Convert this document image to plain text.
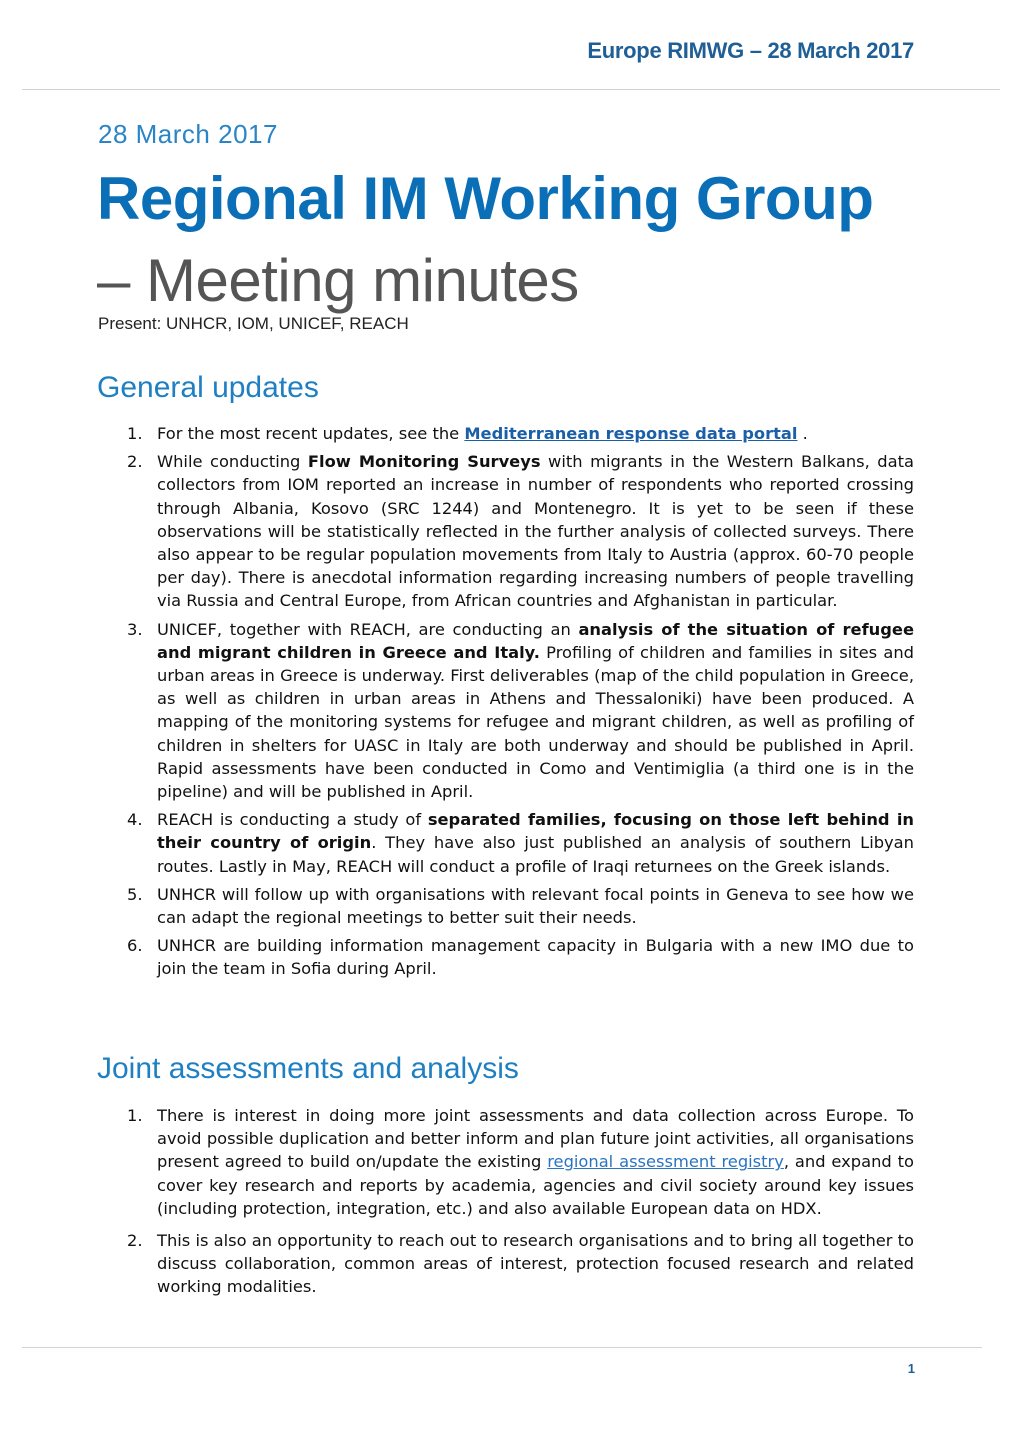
Europe RIMWG – 28 March 2017
28 March 2017
Regional IM Working Group
– Meeting minutes
Present: UNHCR, IOM, UNICEF, REACH
General updates
1. For the most recent updates, see the Mediterranean response data portal .
2. While conducting Flow Monitoring Surveys with migrants in the Western Balkans, data collectors from IOM reported an increase in number of respondents who reported crossing through Albania, Kosovo (SRC 1244) and Montenegro. It is yet to be seen if these observations will be statistically reflected in the further analysis of collected surveys. There also appear to be regular population movements from Italy to Austria (approx. 60-70 people per day). There is anecdotal information regarding increasing numbers of people travelling via Russia and Central Europe, from African countries and Afghanistan in particular.
3. UNICEF, together with REACH, are conducting an analysis of the situation of refugee and migrant children in Greece and Italy. Profiling of children and families in sites and urban areas in Greece is underway. First deliverables (map of the child population in Greece, as well as children in urban areas in Athens and Thessaloniki) have been produced. A mapping of the monitoring systems for refugee and migrant children, as well as profiling of children in shelters for UASC in Italy are both underway and should be published in April. Rapid assessments have been conducted in Como and Ventimiglia (a third one is in the pipeline) and will be published in April.
4. REACH is conducting a study of separated families, focusing on those left behind in their country of origin. They have also just published an analysis of southern Libyan routes. Lastly in May, REACH will conduct a profile of Iraqi returnees on the Greek islands.
5. UNHCR will follow up with organisations with relevant focal points in Geneva to see how we can adapt the regional meetings to better suit their needs.
6. UNHCR are building information management capacity in Bulgaria with a new IMO due to join the team in Sofia during April.
Joint assessments and analysis
1. There is interest in doing more joint assessments and data collection across Europe. To avoid possible duplication and better inform and plan future joint activities, all organisations present agreed to build on/update the existing regional assessment registry, and expand to cover key research and reports by academia, agencies and civil society around key issues (including protection, integration, etc.) and also available European data on HDX.
2. This is also an opportunity to reach out to research organisations and to bring all together to discuss collaboration, common areas of interest, protection focused research and related working modalities.
1
